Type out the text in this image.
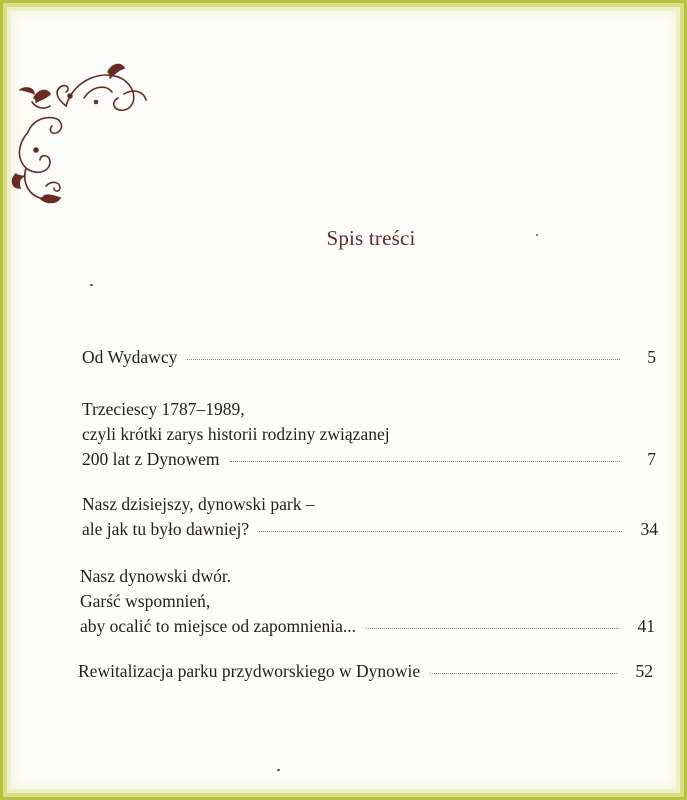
Spis treści
Od Wydawcy	5
Trzeciescy 1787–1989,
czyli krótki zarys historii rodziny związanej
200 lat z Dynowem	7
Nasz dzisiejszy, dynowski park –
ale jak tu było dawniej?	34
Nasz dynowski dwór.
Garść wspomnień,
aby ocalić to miejsce od zapomnienia...	41
Rewitalizacja parku przydworskiego w Dynowie	52
